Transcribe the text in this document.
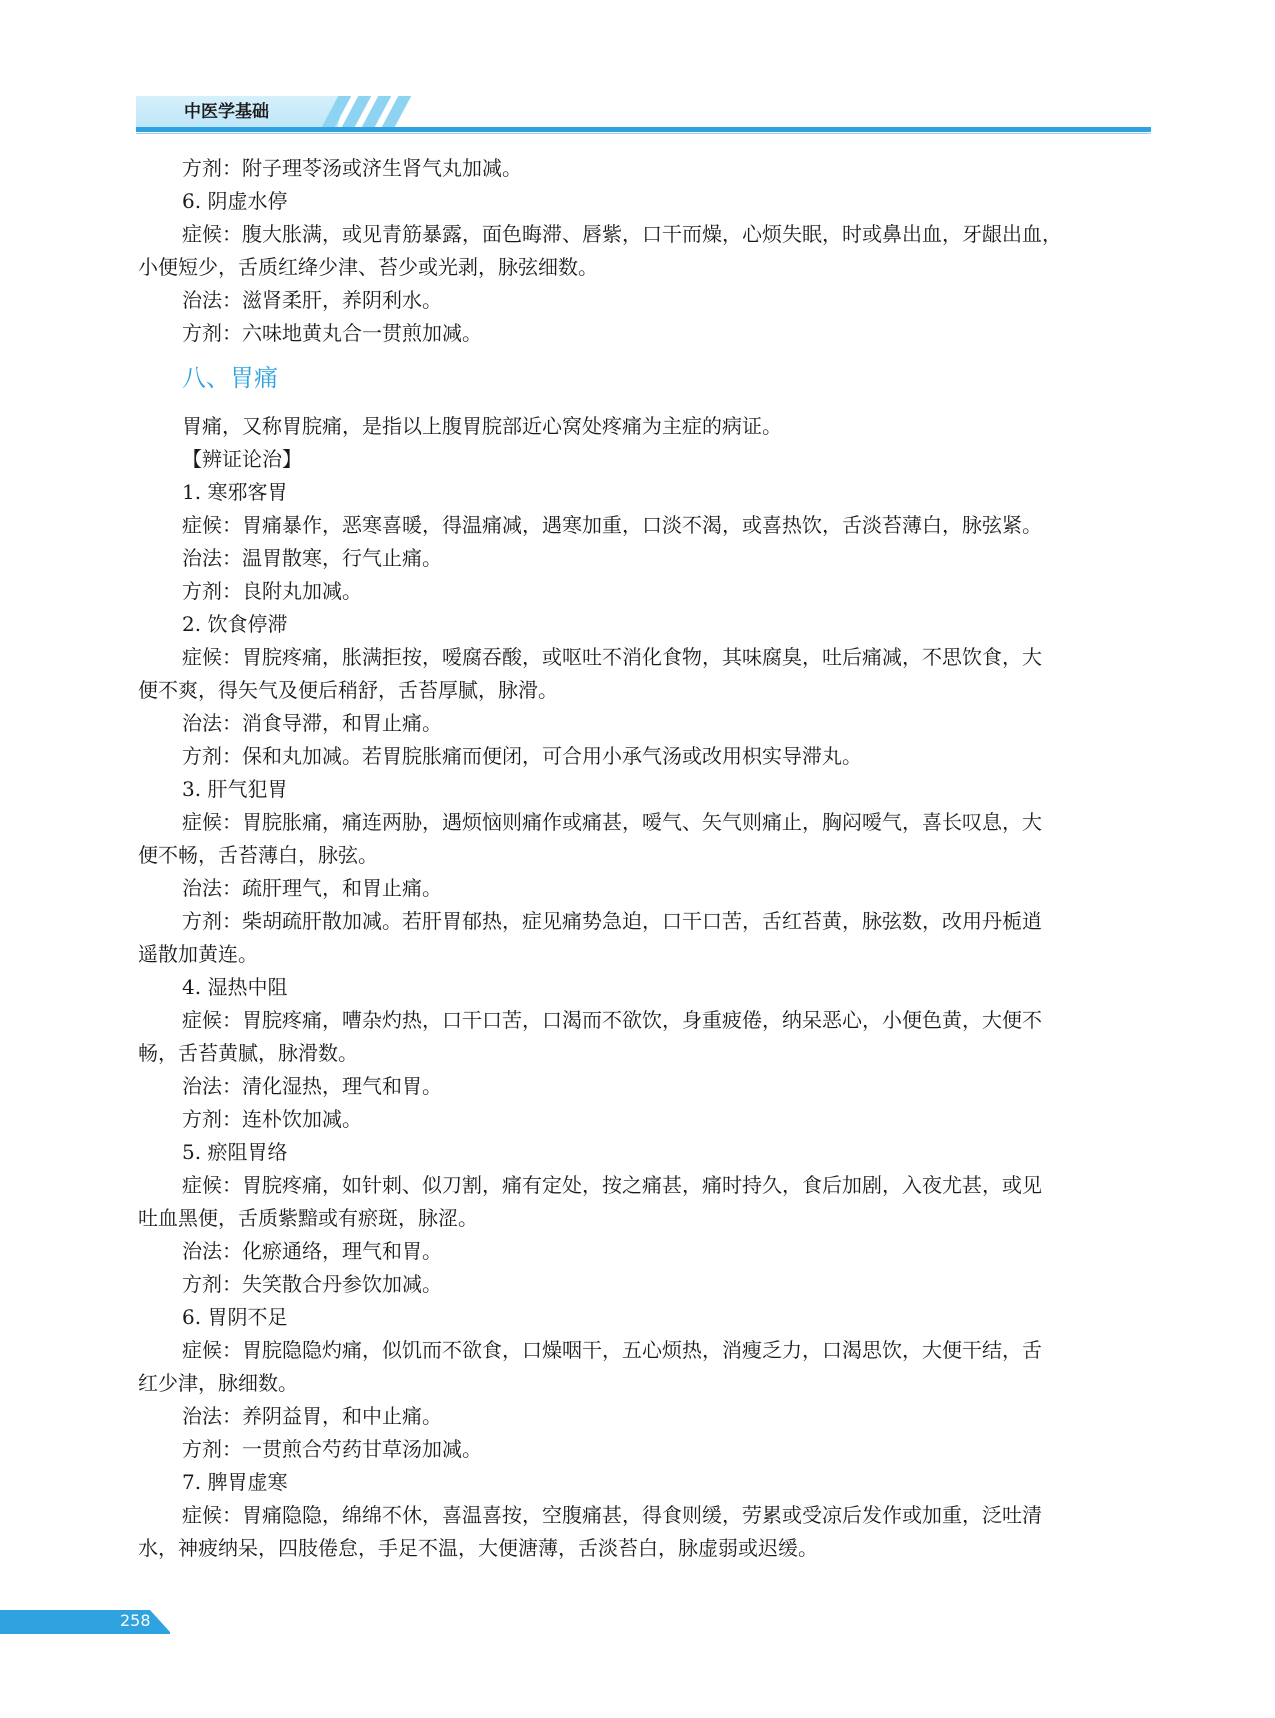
中医学基础

方剂：附子理苓汤或济生肾气丸加减。

6. 阴虚水停

症候：腹大胀满，或见青筋暴露，面色晦滞、唇紫，口干而燥，心烦失眠，时或鼻出血，牙龈出血，

小便短少，舌质红绛少津、苔少或光剥，脉弦细数。

治法：滋肾柔肝，养阴利水。

方剂：六味地黄丸合一贯煎加减。

八、胃痛

胃痛，又称胃脘痛，是指以上腹胃脘部近心窝处疼痛为主症的病证。

【辨证论治】

1. 寒邪客胃

症候：胃痛暴作，恶寒喜暖，得温痛减，遇寒加重，口淡不渴，或喜热饮，舌淡苔薄白，脉弦紧。

治法：温胃散寒，行气止痛。

方剂：良附丸加减。

2. 饮食停滞

症候：胃脘疼痛，胀满拒按，嗳腐吞酸，或呕吐不消化食物，其味腐臭，吐后痛减，不思饮食，大

便不爽，得矢气及便后稍舒，舌苔厚腻，脉滑。

治法：消食导滞，和胃止痛。

方剂：保和丸加减。若胃脘胀痛而便闭，可合用小承气汤或改用枳实导滞丸。

3. 肝气犯胃

症候：胃脘胀痛，痛连两胁，遇烦恼则痛作或痛甚，嗳气、矢气则痛止，胸闷嗳气，喜长叹息，大

便不畅，舌苔薄白，脉弦。

治法：疏肝理气，和胃止痛。

方剂：柴胡疏肝散加减。若肝胃郁热，症见痛势急迫，口干口苦，舌红苔黄，脉弦数，改用丹栀逍

遥散加黄连。

4. 湿热中阻

症候：胃脘疼痛，嘈杂灼热，口干口苦，口渴而不欲饮，身重疲倦，纳呆恶心，小便色黄，大便不

畅，舌苔黄腻，脉滑数。

治法：清化湿热，理气和胃。

方剂：连朴饮加减。

5. 瘀阻胃络

症候：胃脘疼痛，如针刺、似刀割，痛有定处，按之痛甚，痛时持久，食后加剧，入夜尤甚，或见

吐血黑便，舌质紫黯或有瘀斑，脉涩。

治法：化瘀通络，理气和胃。

方剂：失笑散合丹参饮加减。

6. 胃阴不足

症候：胃脘隐隐灼痛，似饥而不欲食，口燥咽干，五心烦热，消瘦乏力，口渴思饮，大便干结，舌

红少津，脉细数。

治法：养阴益胃，和中止痛。

方剂：一贯煎合芍药甘草汤加减。

7. 脾胃虚寒

症候：胃痛隐隐，绵绵不休，喜温喜按，空腹痛甚，得食则缓，劳累或受凉后发作或加重，泛吐清

水，神疲纳呆，四肢倦怠，手足不温，大便溏薄，舌淡苔白，脉虚弱或迟缓。

258
